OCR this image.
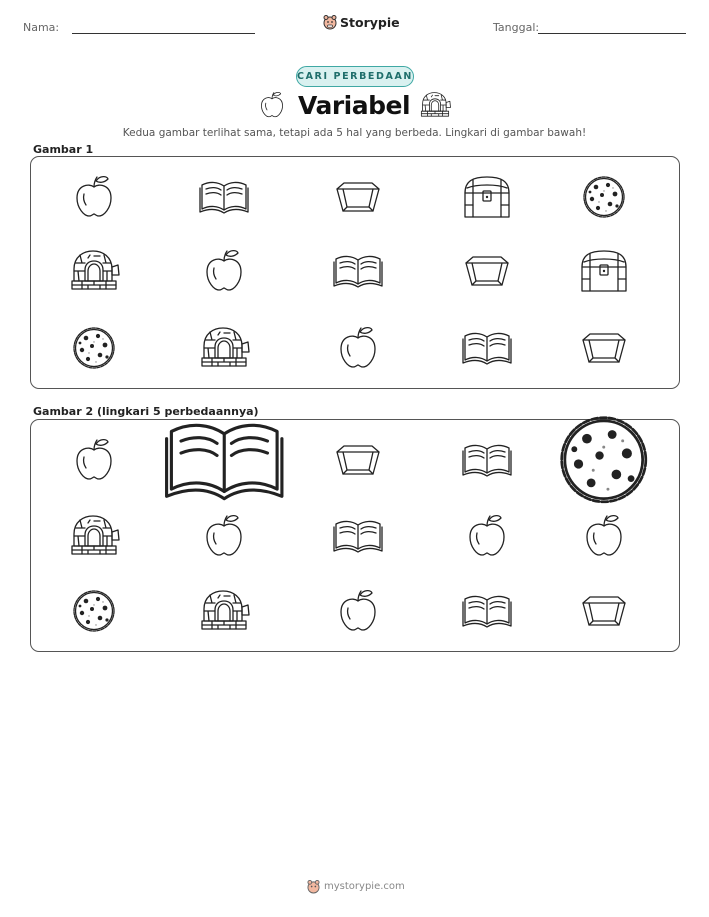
Nama:	Storypie	Tanggal:
CARI PERBEDAAN
Variabel
Kedua gambar terlihat sama, tetapi ada 5 hal yang berbeda. Lingkari di gambar bawah!
Gambar 1
Gambar 2 (lingkari 5 perbedaannya)
mystorypie.com
